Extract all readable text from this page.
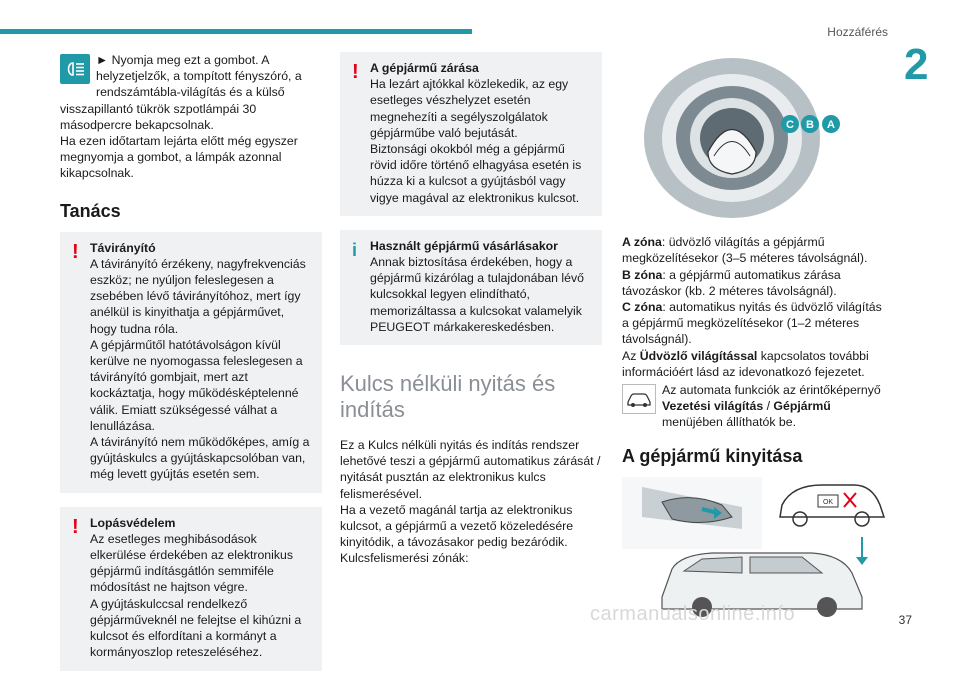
Hozzáférés
2

► Nyomja meg ezt a gombot. A helyzetjelzők, a tompított fényszóró, a rendszámtábla-világítás és a külső visszapillantó tükrök szpotlámpái 30 másodpercre bekapcsolnak.

Ha ezen időtartam lejárta előtt még egyszer megnyomja a gombot, a lámpák azonnal kikapcsolnak.

Tanács
! Távirányító
A távirányító érzékeny, nagyfrekvenciás eszköz; ne nyúljon feleslegesen a zsebében lévő távirányítóhoz, mert így anélkül is kinyithatja a gépjárművet, hogy tudna róla.
A gépjárműtől hatótávolságon kívül kerülve ne nyomogassa feleslegesen a távirányító gombjait, mert azt kockáztatja, hogy működésképtelenné válik. Emiatt szükségessé válhat a lenullázása.
A távirányító nem működőképes, amíg a gyújtáskulcs a gyújtáskapcsolóban van, még levett gyújtás esetén sem.
! Lopásvédelem
Az esetleges meghibásodások elkerülése érdekében az elektronikus gépjármű indításgátlón semmiféle módosítást ne hajtson végre.
A gyújtáskulccsal rendelkező gépjárműveknél ne felejtse el kihúzni a kulcsot és elfordítani a kormányt a kormányoszlop reteszeléséhez.
! A gépjármű zárása
Ha lezárt ajtókkal közlekedik, az egy esetleges vészhelyzet esetén megnehezíti a segélyszolgálatok gépjárműbe való bejutását.
Biztonsági okokból még a gépjármű rövid időre történő elhagyása esetén is húzza ki a kulcsot a gyújtásból vagy vigye magával az elektronikus kulcsot.
i Használt gépjármű vásárlásakor
Annak biztosítása érdekében, hogy a gépjármű kizárólag a tulajdonában lévő kulcsokkal legyen elindítható, memorizáltassa a kulcsokat valamelyik PEUGEOT márkakereskedésben.
Kulcs nélküli nyitás és indítás

Ez a Kulcs nélküli nyitás és indítás rendszer lehetővé teszi a gépjármű automatikus zárását / nyitását pusztán az elektronikus kulcs felismerésével.

Ha a vezető magánál tartja az elektronikus kulcsot, a gépjármű a vezető közeledésére kinyitódik, a távozásakor pedig bezáródik.

Kulcsfelismerési zónák:

C B A

A zóna: üdvözlő világítás a gépjármű megközelítésekor (3–5 méteres távolságnál).

B zóna: a gépjármű automatikus zárása távozáskor (kb. 2 méteres távolságnál).

C zóna: automatikus nyitás és üdvözlő világítás a gépjármű megközelítésekor (1–2 méteres távolságnál).

Az Üdvözlő világítással kapcsolatos további információért lásd az idevonatkozó fejezetet.

Az automata funkciók az érintőképernyő Vezetési világítás / Gépjármű menüjében állíthatók be.

A gépjármű kinyitása
OK
carmanualsonline.info	37
